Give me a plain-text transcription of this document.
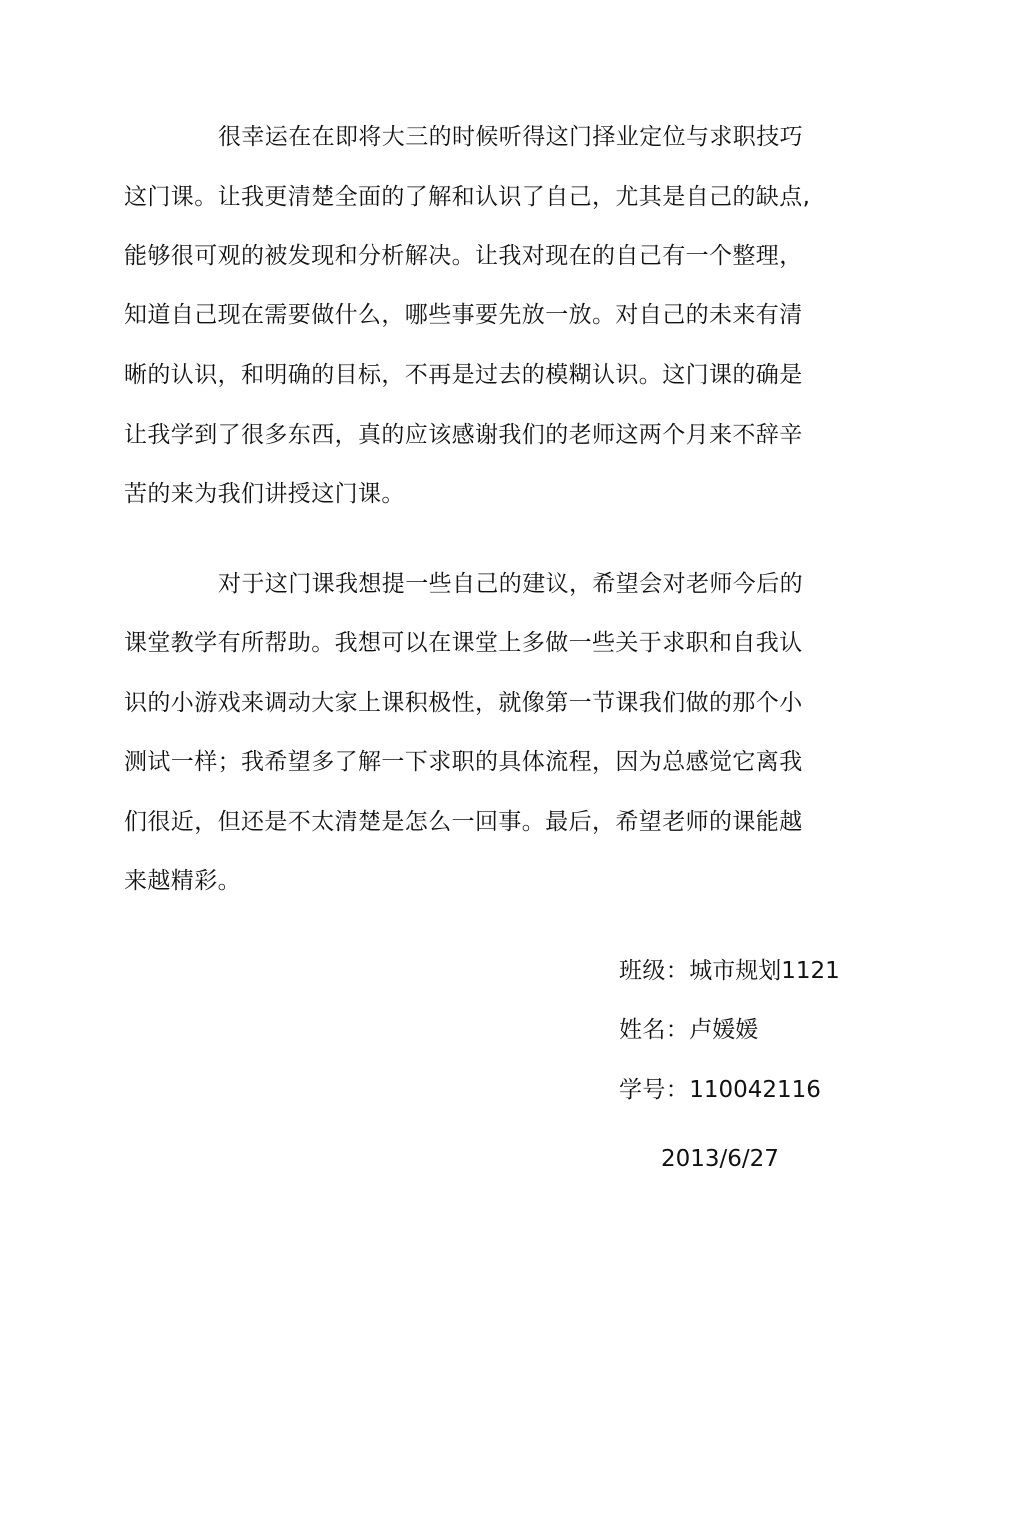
很幸运在在即将大三的时候听得这门择业定位与求职技巧
这门课。让我更清楚全面的了解和认识了自己，尤其是自己的缺点,
能够很可观的被发现和分析解决。让我对现在的自己有一个整理，
知道自己现在需要做什么，哪些事要先放一放。对自己的未来有清
晰的认识，和明确的目标，不再是过去的模糊认识。这门课的确是
让我学到了很多东西，真的应该感谢我们的老师这两个月来不辞辛
苦的来为我们讲授这门课。
对于这门课我想提一些自己的建议，希望会对老师今后的
课堂教学有所帮助。我想可以在课堂上多做一些关于求职和自我认
识的小游戏来调动大家上课积极性，就像第一节课我们做的那个小
测试一样；我希望多了解一下求职的具体流程，因为总感觉它离我
们很近，但还是不太清楚是怎么一回事。最后，希望老师的课能越
来越精彩。
班级：城市规划1121
姓名：卢媛媛
学号：110042116
2013/6/27
